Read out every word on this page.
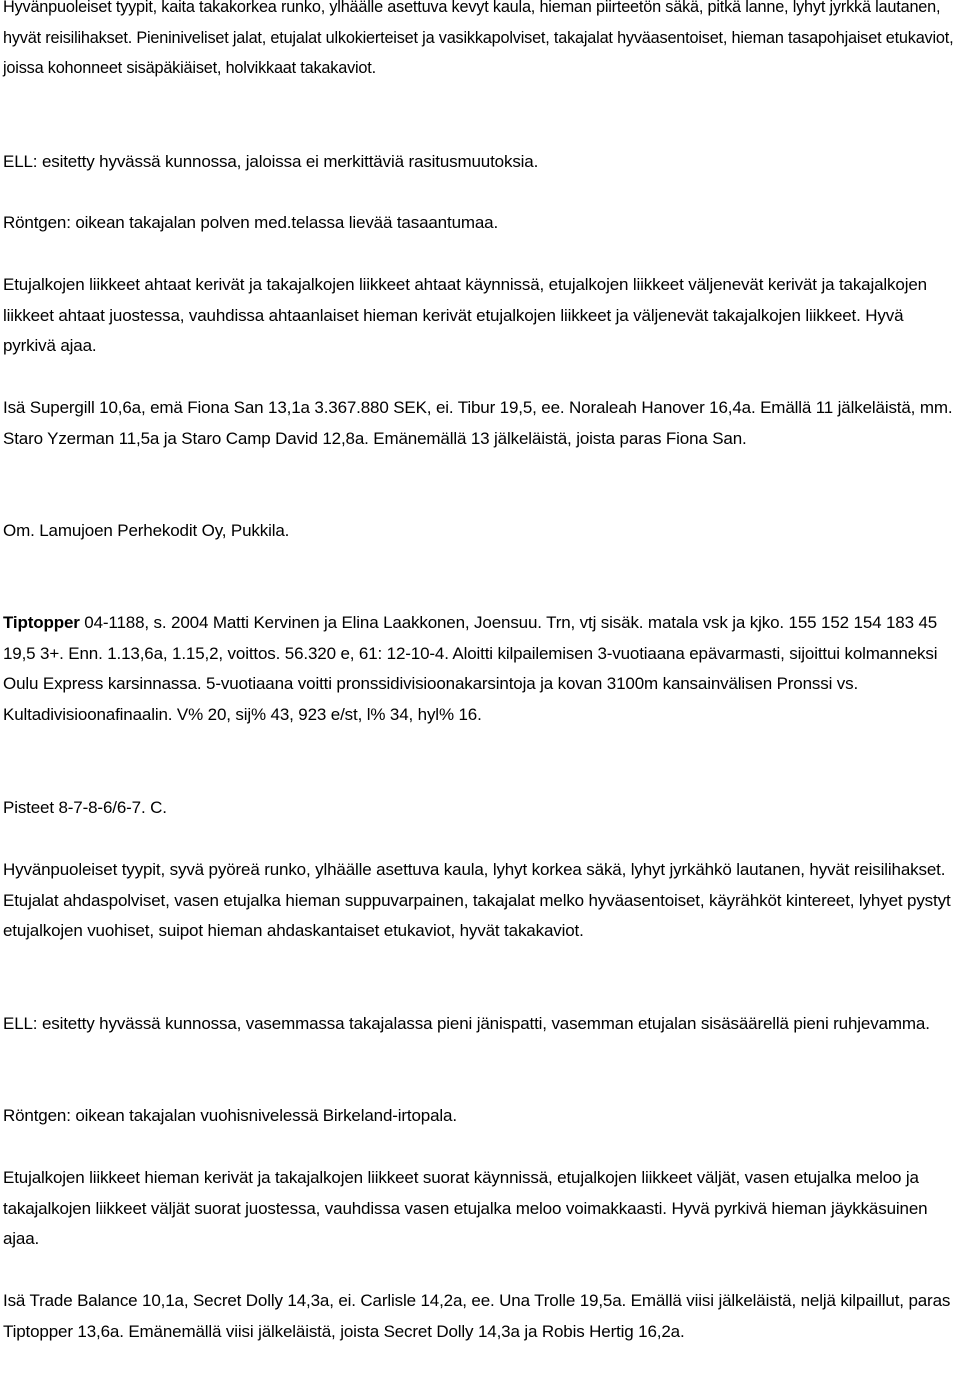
Hyvänpuoleiset tyypit, kaita takakorkea runko, ylhäälle asettuva kevyt kaula, hieman piirteetön säkä, pitkä lanne, lyhyt jyrkkä lautanen, hyvät reisilihakset. Pieniniveliset jalat, etujalat ulkokierteiset ja vasikkapolviset, takajalat hyväasentoiset, hieman tasapohjaiset etukaviot, joissa kohonneet sisäpäkiäiset, holvikkaat takakaviot.

ELL: esitetty hyvässä kunnossa, jaloissa ei merkittäviä rasitusmuutoksia.

Röntgen: oikean takajalan polven med.telassa lievää tasaantumaa.

Etujalkojen liikkeet ahtaat kerivät ja takajalkojen liikkeet ahtaat käynnissä, etujalkojen liikkeet väljenevät kerivät ja takajalkojen liikkeet ahtaat juostessa, vauhdissa ahtaanlaiset hieman kerivät etujalkojen liikkeet ja väljenevät takajalkojen liikkeet. Hyvä pyrkivä ajaa.

Isä Supergill 10,6a, emä Fiona San 13,1a 3.367.880 SEK, ei. Tibur 19,5, ee. Noraleah Hanover 16,4a. Emällä 11 jälkeläistä, mm. Staro Yzerman 11,5a ja Staro Camp David 12,8a. Emänemällä 13 jälkeläistä, joista paras Fiona San.

Om. Lamujoen Perhekodit Oy, Pukkila.

Tiptopper 04-1188, s. 2004 Matti Kervinen ja Elina Laakkonen, Joensuu. Trn, vtj sisäk. matala vsk ja kjko. 155 152 154 183 45 19,5 3+. Enn. 1.13,6a, 1.15,2, voittos. 56.320 e, 61: 12-10-4. Aloitti kilpailemisen 3-vuotiaana epävarmasti, sijoittui kolmanneksi Oulu Express karsinnassa. 5-vuotiaana voitti pronssidivisioonakarsintoja ja kovan 3100m kansainvälisen Pronssi vs. Kultadivisioonafinaalin. V% 20, sij% 43, 923 e/st, l% 34, hyl% 16.

Pisteet 8-7-8-6/6-7. C.

Hyvänpuoleiset tyypit, syvä pyöreä runko, ylhäälle asettuva kaula, lyhyt korkea säkä, lyhyt jyrkähkö lautanen, hyvät reisilihakset. Etujalat ahdaspolviset, vasen etujalka hieman suppuvarpainen, takajalat melko hyväasentoiset, käyrähköt kintereet, lyhyet pystyt etujalkojen vuohiset, suipot hieman ahdaskantaiset etukaviot, hyvät takakaviot.

ELL: esitetty hyvässä kunnossa, vasemmassa takajalassa pieni jänispatti, vasemman etujalan sisäsäärellä pieni ruhjevamma.

Röntgen: oikean takajalan vuohisnivelessä Birkeland-irtopala.

Etujalkojen liikkeet hieman kerivät ja takajalkojen liikkeet suorat käynnissä, etujalkojen liikkeet väljät, vasen etujalka meloo ja takajalkojen liikkeet väljät suorat juostessa, vauhdissa vasen etujalka meloo voimakkaasti. Hyvä pyrkivä hieman jäykkäsuinen ajaa.

Isä Trade Balance 10,1a, Secret Dolly 14,3a, ei. Carlisle 14,2a, ee. Una Trolle 19,5a. Emällä viisi jälkeläistä, neljä kilpaillut, paras Tiptopper 13,6a. Emänemällä viisi jälkeläistä, joista Secret Dolly 14,3a ja Robis Hertig 16,2a.
